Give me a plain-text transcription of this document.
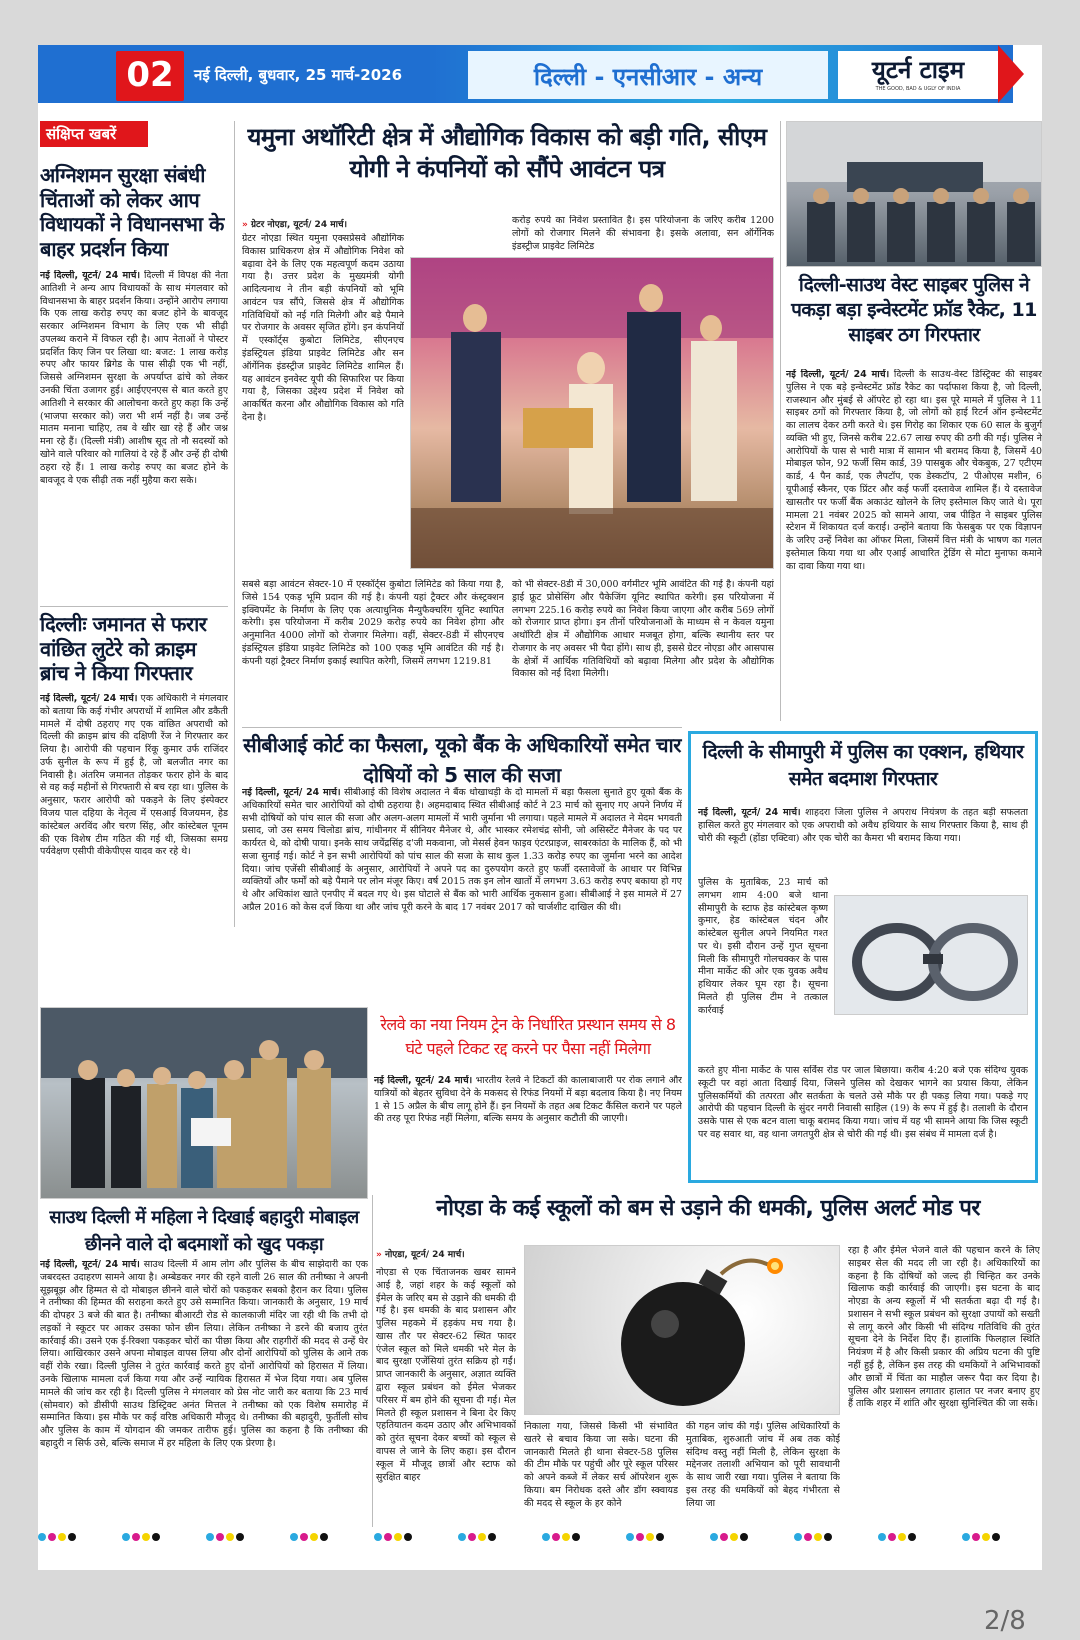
02	नई दिल्ली, बुधवार, 25 मार्च-2026	दिल्ली - एनसीआर - अन्य	यूटर्न टाइम
THE GOOD, BAD & UGLY OF INDIA
संक्षिप्त खबरें
अग्निशमन सुरक्षा संबंधी चिंताओं को लेकर आप विधायकों ने विधानसभा के बाहर प्रदर्शन किया
नई दिल्ली, यूटर्न/ 24 मार्च। दिल्ली में विपक्ष की नेता आतिशी ने अन्य आप विधायकों के साथ मंगलवार को विधानसभा के बाहर प्रदर्शन किया। उन्होंने आरोप लगाया कि एक लाख करोड़ रुपए का बजट होने के बावजूद सरकार अग्निशमन विभाग के लिए एक भी सीढ़ी उपलब्ध कराने में विफल रही है। आप नेताओं ने पोस्टर प्रदर्शित किए जिन पर लिखा था: बजट: 1 लाख करोड़ रुपए और फायर ब्रिगेड के पास सीढ़ी एक भी नहीं, जिससे अग्निशमन सुरक्षा के अपर्याप्त ढांचे को लेकर उनकी चिंता उजागर हुई। आईएएनएस से बात करते हुए आतिशी ने सरकार की आलोचना करते हुए कहा कि उन्हें (भाजपा सरकार को) जरा भी शर्म नहीं है। जब उन्हें मातम मनाना चाहिए, तब वे खीर खा रहे हैं और जश्न मना रहे हैं। (दिल्ली मंत्री) आशीष सूद तो नौ सदस्यों को खोने वाले परिवार को गालियां दे रहे हैं और उन्हें ही दोषी ठहरा रहे हैं। 1 लाख करोड़ रुपए का बजट होने के बावजूद वे एक सीढ़ी तक नहीं मुहैया करा सके।
दिल्लीः जमानत से फरार वांछित लुटेरे को क्राइम ब्रांच ने किया गिरफ्तार
नई दिल्ली, यूटर्न/ 24 मार्च। एक अधिकारी ने मंगलवार को बताया कि कई गंभीर अपराधों में शामिल और डकैती मामले में दोषी ठहराए गए एक वांछित अपराधी को दिल्ली की क्राइम ब्रांच की दक्षिणी रेंज ने गिरफ्तार कर लिया है। आरोपी की पहचान रिंकू कुमार उर्फ राजिंदर उर्फ सुनील के रूप में हुई है, जो बलजीत नगर का निवासी है। अंतरिम जमानत तोड़कर फरार होने के बाद से वह कई महीनों से गिरफ्तारी से बच रहा था। पुलिस के अनुसार, फरार आरोपी को पकड़ने के लिए इंस्पेक्टर विजय पाल दहिया के नेतृत्व में एसआई विजयमन, हेड कांस्टेबल अरविंद और चरण सिंह, और कांस्टेबल पूनम की एक विशेष टीम गठित की गई थी, जिसका समग्र पर्यवेक्षण एसीपी वीकेपीएस यादव कर रहे थे।
यमुना अथॉरिटी क्षेत्र में औद्योगिक विकास को बड़ी गति, सीएम योगी ने कंपनियों को सौंपे आवंटन पत्र
» ग्रेटर नोएडा, यूटर्न/ 24 मार्च।
ग्रेटर नोएडा स्थित यमुना एक्सप्रेसवे औद्योगिक विकास प्राधिकरण क्षेत्र में औद्योगिक निवेश को बढ़ावा देने के लिए एक महत्वपूर्ण कदम उठाया गया है। उत्तर प्रदेश के मुख्यमंत्री योगी आदित्यनाथ ने तीन बड़ी कंपनियों को भूमि आवंटन पत्र सौंपे, जिससे क्षेत्र में औद्योगिक गतिविधियों को नई गति मिलेगी और बड़े पैमाने पर रोजगार के अवसर सृजित होंगे। इन कंपनियों में एस्कॉर्ट्स कुबोटा लिमिटेड, सीएनएच इंडस्ट्रियल इंडिया प्राइवेट लिमिटेड और सन ऑर्गेनिक इंडस्ट्रीज प्राइवेट लिमिटेड शामिल हैं। यह आवंटन इनवेस्ट यूपी की सिफारिश पर किया गया है, जिसका उद्देश्य प्रदेश में निवेश को आकर्षित करना और औद्योगिक विकास को गति देना है।
करोड़ रुपये का निवेश प्रस्तावित है। इस परियोजना के जरिए करीब 1200 लोगों को रोजगार मिलने की संभावना है। इसके अलावा, सन ऑर्गेनिक इंडस्ट्रीज प्राइवेट लिमिटेड
सबसे बड़ा आवंटन सेक्टर-10 में एस्कॉर्ट्स कुबोटा लिमिटेड को किया गया है, जिसे 154 एकड़ भूमि प्रदान की गई है। कंपनी यहां ट्रैक्टर और कंस्ट्रक्शन इक्विपमेंट के निर्माण के लिए एक अत्याधुनिक मैन्युफैक्चरिंग यूनिट स्थापित करेगी। इस परियोजना में करीब 2029 करोड़ रुपये का निवेश होगा और अनुमानित 4000 लोगों को रोजगार मिलेगा। वहीं, सेक्टर-8डी में सीएनएच इंडस्ट्रियल इंडिया प्राइवेट लिमिटेड को 100 एकड़ भूमि आवंटित की गई है। कंपनी यहां ट्रैक्टर निर्माण इकाई स्थापित करेगी, जिसमें लगभग 1219.81
को भी सेक्टर-8डी में 30,000 वर्गमीटर भूमि आवंटित की गई है। कंपनी यहां ड्राई फ्रूट प्रोसेसिंग और पैकेजिंग यूनिट स्थापित करेगी। इस परियोजना में लगभग 225.16 करोड़ रुपये का निवेश किया जाएगा और करीब 569 लोगों को रोजगार प्राप्त होगा। इन तीनों परियोजनाओं के माध्यम से न केवल यमुना अथॉरिटी क्षेत्र में औद्योगिक आधार मजबूत होगा, बल्कि स्थानीय स्तर पर रोजगार के नए अवसर भी पैदा होंगे। साथ ही, इससे ग्रेटर नोएडा और आसपास के क्षेत्रों में आर्थिक गतिविधियों को बढ़ावा मिलेगा और प्रदेश के औद्योगिक विकास को नई दिशा मिलेगी।
दिल्ली-साउथ वेस्ट साइबर पुलिस ने पकड़ा बड़ा इन्वेस्टमेंट फ्रॉड रैकेट, 11 साइबर ठग गिरफ्तार
नई दिल्ली, यूटर्न/ 24 मार्च। दिल्ली के साउथ-वेस्ट डिस्ट्रिक्ट की साइबर पुलिस ने एक बड़े इन्वेस्टमेंट फ्रॉड रैकेट का पर्दाफाश किया है, जो दिल्ली, राजस्थान और मुंबई से ऑपरेट हो रहा था। इस पूरे मामले में पुलिस ने 11 साइबर ठगों को गिरफ्तार किया है, जो लोगों को हाई रिटर्न ऑन इन्वेस्टमेंट का लालच देकर ठगी करते थे। इस गिरोह का शिकार एक 60 साल के बुजुर्ग व्यक्ति भी हुए, जिनसे करीब 22.67 लाख रुपए की ठगी की गई। पुलिस ने आरोपियों के पास से भारी मात्रा में सामान भी बरामद किया है, जिसमें 40 मोबाइल फोन, 92 फर्जी सिम कार्ड, 39 पासबुक और चेकबुक, 27 एटीएम कार्ड, 4 पैन कार्ड, एक लैपटॉप, एक डेस्कटॉप, 2 पीओएस मशीन, 6 यूपीआई स्कैनर, एक प्रिंटर और कई फर्जी दस्तावेज शामिल हैं। ये दस्तावेज खासतौर पर फर्जी बैंक अकाउंट खोलने के लिए इस्तेमाल किए जाते थे। पूरा मामला 21 नवंबर 2025 को सामने आया, जब पीड़ित ने साइबर पुलिस स्टेशन में शिकायत दर्ज कराई। उन्होंने बताया कि फेसबुक पर एक विज्ञापन के जरिए उन्हें निवेश का ऑफर मिला, जिसमें वित्त मंत्री के भाषण का गलत इस्तेमाल किया गया था और एआई आधारित ट्रेडिंग से मोटा मुनाफा कमाने का दावा किया गया था।
सीबीआई कोर्ट का फैसला, यूको बैंक के अधिकारियों समेत चार दोषियों को 5 साल की सजा
नई दिल्ली, यूटर्न/ 24 मार्च। सीबीआई की विशेष अदालत ने बैंक धोखाधड़ी के दो मामलों में बड़ा फैसला सुनाते हुए यूको बैंक के अधिकारियों समेत चार आरोपियों को दोषी ठहराया है। अहमदाबाद स्थित सीबीआई कोर्ट ने 23 मार्च को सुनाए गए अपने निर्णय में सभी दोषियों को पांच साल की सजा और अलग-अलग मामलों में भारी जुर्माना भी लगाया। पहले मामले में अदालत ने मेदम भगवती प्रसाद, जो उस समय चिलोडा ब्रांच, गांधीनगर में सीनियर मैनेजर थे, और भास्कर रमेशचंद्र सोनी, जो असिस्टेंट मैनेजर के पद पर कार्यरत थे, को दोषी पाया। इनके साथ जयेंद्रसिंह द'जी मकवाना, जो मेसर्स हेवन फाइव एंटरप्राइज, साबरकांठा के मालिक हैं, को भी सजा सुनाई गई। कोर्ट ने इन सभी आरोपियों को पांच साल की सजा के साथ कुल 1.33 करोड़ रुपए का जुर्माना भरने का आदेश दिया। जांच एजेंसी सीबीआई के अनुसार, आरोपियों ने अपने पद का दुरुपयोग करते हुए फर्जी दस्तावेजों के आधार पर विभिन्न व्यक्तियों और फर्मों को बड़े पैमाने पर लोन मंजूर किए। वर्ष 2015 तक इन लोन खातों में लगभग 3.63 करोड़ रुपए बकाया हो गए थे और अधिकांश खाते एनपीए में बदल गए थे। इस घोटाले से बैंक को भारी आर्थिक नुकसान हुआ। सीबीआई ने इस मामले में 27 अप्रैल 2016 को केस दर्ज किया था और जांच पूरी करने के बाद 17 नवंबर 2017 को चार्जशीट दाखिल की थी।
दिल्ली के सीमापुरी में पुलिस का एक्शन, हथियार समेत बदमाश गिरफ्तार
नई दिल्ली, यूटर्न/ 24 मार्च। शाहदरा जिला पुलिस ने अपराध नियंत्रण के तहत बड़ी सफलता हासिल करते हुए मंगलवार को एक अपराधी को अवैध हथियार के साथ गिरफ्तार किया है, साथ ही चोरी की स्कूटी (होंडा एक्टिवा) और एक चोरी का कैमरा भी बरामद किया गया।
पुलिस के मुताबिक, 23 मार्च को लगभग शाम 4:00 बजे थाना सीमापुरी के स्टाफ हेड कांस्टेबल कृष्ण कुमार, हेड कांस्टेबल चंदन और कांस्टेबल सुनील अपने नियमित गश्त पर थे। इसी दौरान उन्हें गुप्त सूचना मिली कि सीमापुरी गोलचक्कर के पास मीना मार्केट की ओर एक युवक अवैध हथियार लेकर घूम रहा है। सूचना मिलते ही पुलिस टीम ने तत्काल कार्रवाई
करते हुए मीना मार्केट के पास सर्विस रोड पर जाल बिछाया। करीब 4:20 बजे एक संदिग्ध युवक स्कूटी पर वहां आता दिखाई दिया, जिसने पुलिस को देखकर भागने का प्रयास किया, लेकिन पुलिसकर्मियों की तत्परता और सतर्कता के चलते उसे मौके पर ही पकड़ लिया गया। पकड़े गए आरोपी की पहचान दिल्ली के सुंदर नगरी निवासी साहिल (19) के रूप में हुई है। तलाशी के दौरान उसके पास से एक बटन वाला चाकू बरामद किया गया। जांच में यह भी सामने आया कि जिस स्कूटी पर वह सवार था, वह थाना जगतपुरी क्षेत्र से चोरी की गई थी। इस संबंध में मामला दर्ज है।
रेलवे का नया नियम ट्रेन के निर्धारित प्रस्थान समय से 8 घंटे पहले टिकट रद्द करने पर पैसा नहीं मिलेगा
नई दिल्ली, यूटर्न/ 24 मार्च। भारतीय रेलवे ने टिकटों की कालाबाजारी पर रोक लगाने और यात्रियों को बेहतर सुविधा देने के मकसद से रिफंड नियमों में बड़ा बदलाव किया है। नए नियम 1 से 15 अप्रैल के बीच लागू होने हैं। इन नियमों के तहत अब टिकट कैंसिल कराने पर पहले की तरह पूरा रिफंड नहीं मिलेगा, बल्कि समय के अनुसार कटौती की जाएगी।
साउथ दिल्ली में महिला ने दिखाई बहादुरी मोबाइल छीनने वाले दो बदमाशों को खुद पकड़ा
नई दिल्ली, यूटर्न/ 24 मार्च। साउथ दिल्ली में आम लोग और पुलिस के बीच साझेदारी का एक जबरदस्त उदाहरण सामने आया है। अम्बेडकर नगर की रहने वाली 26 साल की तनीष्का ने अपनी सूझबूझ और हिम्मत से दो मोबाइल छीनने वाले चोरों को पकड़कर सबको हैरान कर दिया। पुलिस ने तनीष्का की हिम्मत की सराहना करते हुए उसे सम्मानित किया। जानकारी के अनुसार, 19 मार्च की दोपहर 3 बजे की बात है। तनीष्का बीआरटी रोड से कालकाजी मंदिर जा रही थी कि तभी दो लड़कों ने स्कूटर पर आकर उसका फोन छीन लिया। लेकिन तनीष्का ने डरने की बजाय तुरंत कार्रवाई की। उसने एक ई-रिक्शा पकड़कर चोरों का पीछा किया और राहगीरों की मदद से उन्हें घेर लिया। आखिरकार उसने अपना मोबाइल वापस लिया और दोनों आरोपियों को पुलिस के आने तक वहीं रोके रखा। दिल्ली पुलिस ने तुरंत कार्रवाई करते हुए दोनों आरोपियों को हिरासत में लिया। उनके खिलाफ मामला दर्ज किया गया और उन्हें न्यायिक हिरासत में भेज दिया गया। अब पुलिस मामले की जांच कर रही है। दिल्ली पुलिस ने मंगलवार को प्रेस नोट जारी कर बताया कि 23 मार्च (सोमवार) को डीसीपी साउथ डिस्ट्रिक्ट अनंत मित्तल ने तनीष्का को एक विशेष समारोह में सम्मानित किया। इस मौके पर कई वरिष्ठ अधिकारी मौजूद थे। तनीष्का की बहादुरी, फुर्तीली सोच और पुलिस के काम में योगदान की जमकर तारीफ हुई। पुलिस का कहना है कि तनीष्का की बहादुरी न सिर्फ उसे, बल्कि समाज में हर महिला के लिए एक प्रेरणा है।
नोएडा के कई स्कूलों को बम से उड़ाने की धमकी, पुलिस अलर्ट मोड पर
» नोएडा, यूटर्न/ 24 मार्च।
नोएडा से एक चिंताजनक खबर सामने आई है, जहां शहर के कई स्कूलों को ईमेल के जरिए बम से उड़ाने की धमकी दी गई है। इस धमकी के बाद प्रशासन और पुलिस महकमे में हड़कंप मच गया है। खास तौर पर सेक्टर-62 स्थित फादर एंजेल स्कूल को मिले धमकी भरे मेल के बाद सुरक्षा एजेंसियां तुरंत सक्रिय हो गईं। प्राप्त जानकारी के अनुसार, अज्ञात व्यक्ति द्वारा स्कूल प्रबंधन को ईमेल भेजकर परिसर में बम होने की सूचना दी गई। मेल मिलते ही स्कूल प्रशासन ने बिना देर किए एहतियातन कदम उठाए और अभिभावकों को तुरंत सूचना देकर बच्चों को स्कूल से वापस ले जाने के लिए कहा। इस दौरान स्कूल में मौजूद छात्रों और स्टाफ को सुरक्षित बाहर
निकाला गया, जिससे किसी भी संभावित खतरे से बचाव किया जा सके। घटना की जानकारी मिलते ही थाना सेक्टर-58 पुलिस की टीम मौके पर पहुंची और पूरे स्कूल परिसर को अपने कब्जे में लेकर सर्च ऑपरेशन शुरू किया। बम निरोधक दस्ते और डॉग स्क्वायड की मदद से स्कूल के हर कोने
की गहन जांच की गई। पुलिस अधिकारियों के मुताबिक, शुरुआती जांच में अब तक कोई संदिग्ध वस्तु नहीं मिली है, लेकिन सुरक्षा के मद्देनजर तलाशी अभियान को पूरी सावधानी के साथ जारी रखा गया। पुलिस ने बताया कि इस तरह की धमकियों को बेहद गंभीरता से लिया जा
रहा है और ईमेल भेजने वाले की पहचान करने के लिए साइबर सेल की मदद ली जा रही है। अधिकारियों का कहना है कि दोषियों को जल्द ही चिन्हित कर उनके खिलाफ कड़ी कार्रवाई की जाएगी। इस घटना के बाद नोएडा के अन्य स्कूलों में भी सतर्कता बढ़ा दी गई है। प्रशासन ने सभी स्कूल प्रबंधन को सुरक्षा उपायों को सख्ती से लागू करने और किसी भी संदिग्ध गतिविधि की तुरंत सूचना देने के निर्देश दिए हैं। हालांकि फिलहाल स्थिति नियंत्रण में है और किसी प्रकार की अप्रिय घटना की पुष्टि नहीं हुई है, लेकिन इस तरह की धमकियों ने अभिभावकों और छात्रों में चिंता का माहौल जरूर पैदा कर दिया है। पुलिस और प्रशासन लगातार हालात पर नजर बनाए हुए हैं ताकि शहर में शांति और सुरक्षा सुनिश्चित की जा सके।
2/8
